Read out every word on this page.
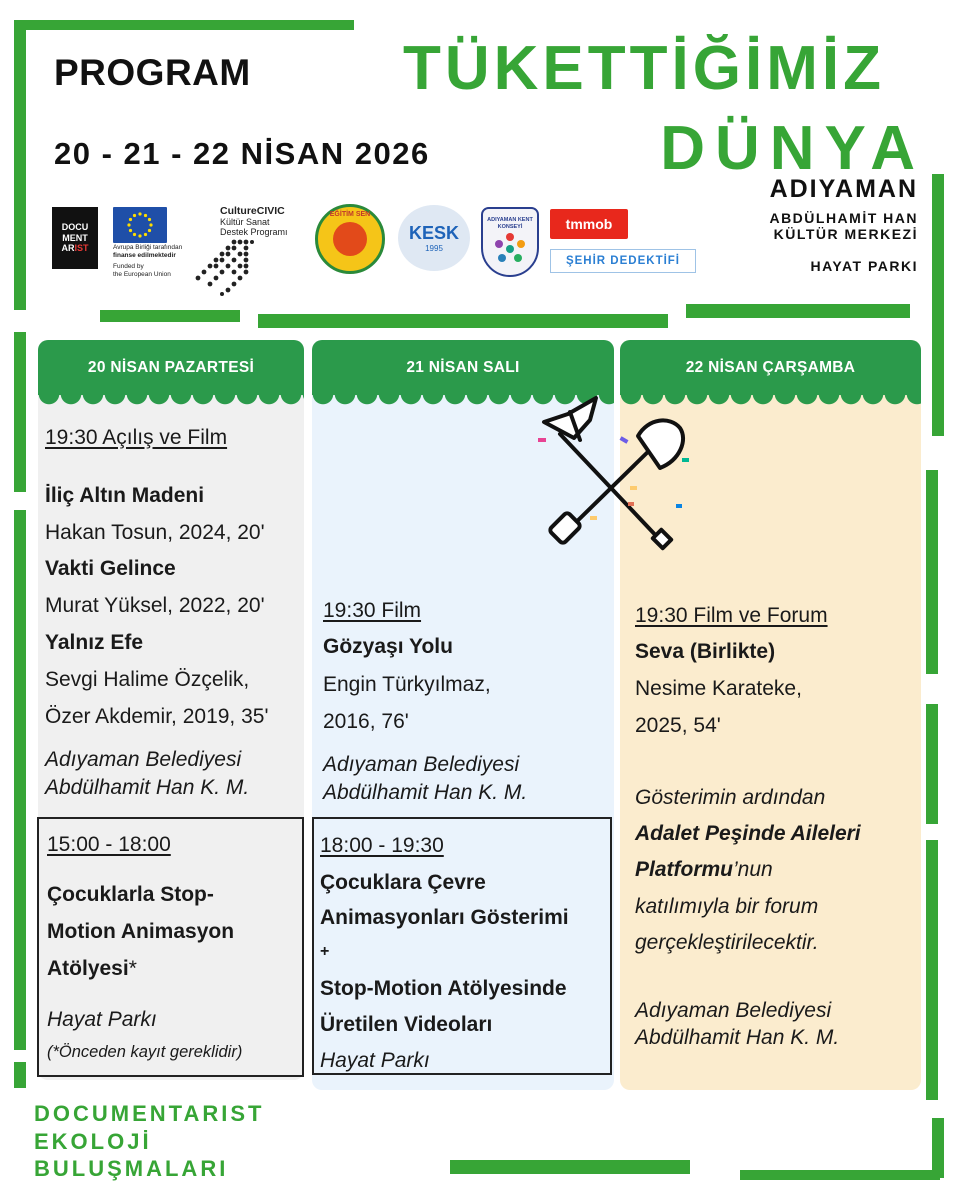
PROGRAM
20 - 21 - 22 NİSAN 2026
TÜKETTİĞİMİZ
DÜNYA
ADIYAMAN
ABDÜLHAMİT HAN
KÜLTÜR MERKEZİ
HAYAT PARKI
DOCU
MENT
ARIST	Avrupa Birliği tarafından
finanse edilmektedir
Funded by
the European Union
CultureCIVIC
Kültür Sanat
Destek Programı
EĞİTİM SEN
KESK
1995
ADIYAMAN KENT KONSEYİ	tmmob
ŞEHİR DEDEKTİFİ
20 NİSAN PAZARTESİ	21 NİSAN SALI	22 NİSAN ÇARŞAMBA
19:30 Açılış ve Film
İliç Altın Madeni
Hakan Tosun, 2024, 20'
Vakti Gelince
Murat Yüksel, 2022, 20'
Yalnız Efe
Sevgi Halime Özçelik,
Özer Akdemir, 2019, 35'
Adıyaman Belediyesi
Abdülhamit Han K. M.
15:00 - 18:00
Çocuklarla Stop-
Motion Animasyon
Atölyesi*
Hayat Parkı
(*Önceden kayıt gereklidir)
19:30 Film
Gözyaşı Yolu
Engin Türkyılmaz,
2016, 76'
Adıyaman Belediyesi
Abdülhamit Han K. M.
18:00 - 19:30
Çocuklara Çevre
Animasyonları Gösterimi
+
Stop-Motion Atölyesinde
Üretilen Videoları
Hayat Parkı
19:30 Film ve Forum
Seva (Birlikte)
Nesime Karateke,
2025, 54'
Gösterimin ardından
Adalet Peşinde Aileleri
Platformu’nun
katılımıyla bir forum
gerçekleştirilecektir.
Adıyaman Belediyesi
Abdülhamit Han K. M.
DOCUMENTARIST
EKOLOJİ
BULUŞMALARI
